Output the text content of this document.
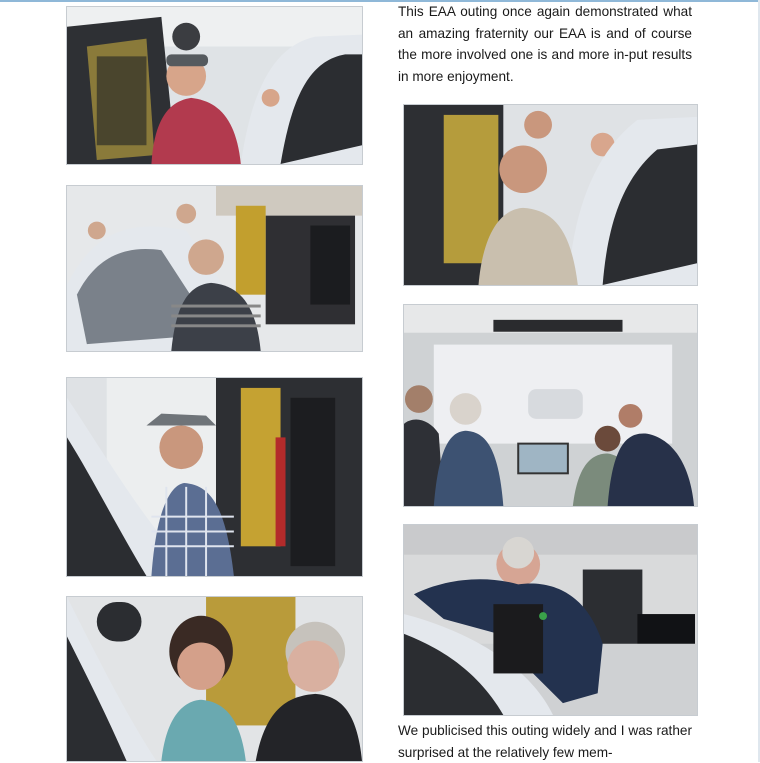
This EAA outing once again demonstrated what an amazing fraternity our EAA is and of course the more involved one is and more in-put results in more enjoyment.

We publicised this outing widely and I was rather surprised at the relatively few mem-
